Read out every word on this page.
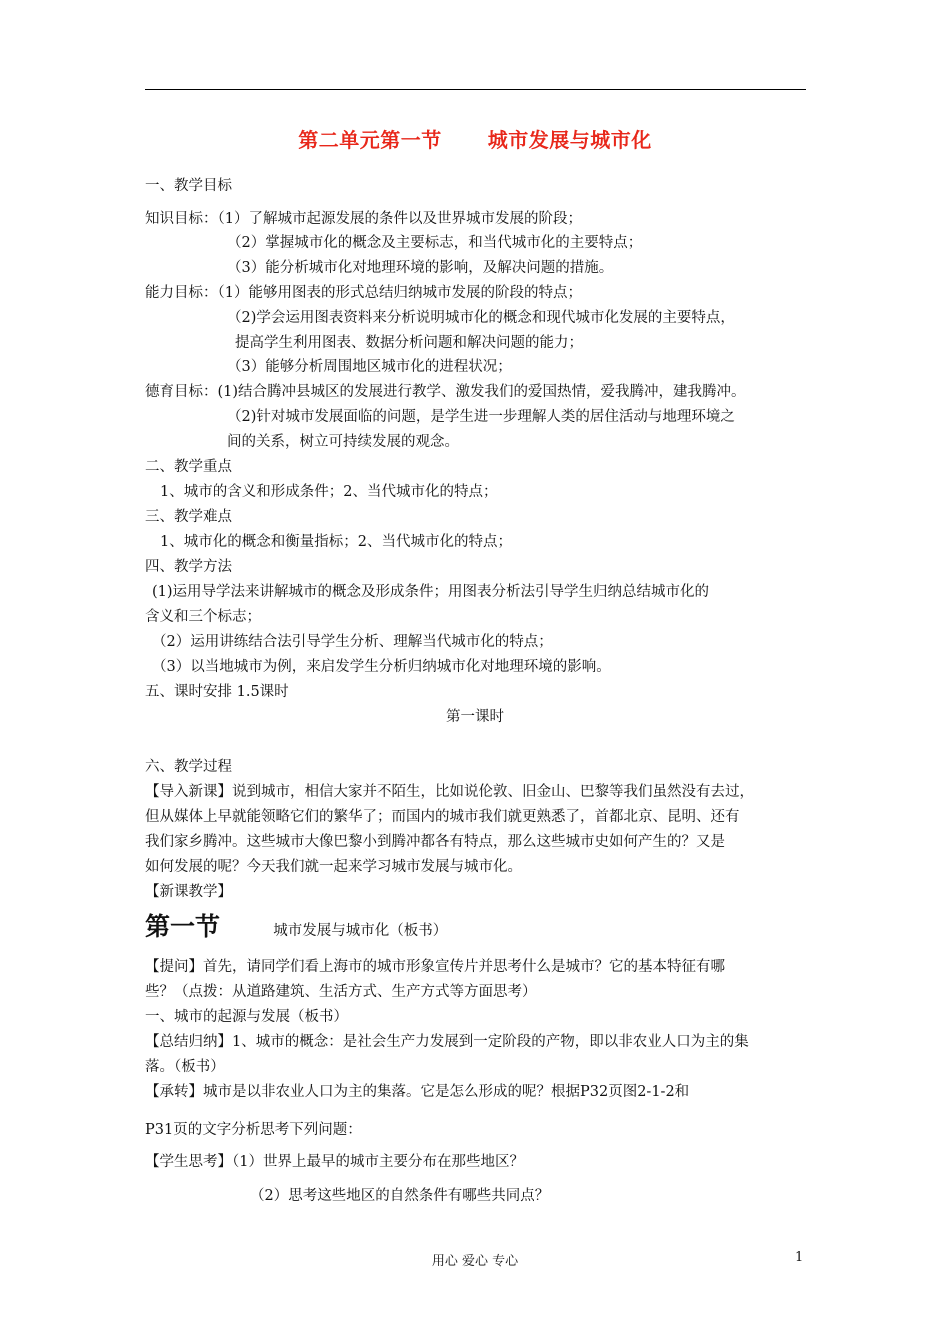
第二单元第一节 城市发展与城市化
一、教学目标
知识目标：（1）了解城市起源发展的条件以及世界城市发展的阶段；
（2）掌握城市化的概念及主要标志，和当代城市化的主要特点；
（3）能分析城市化对地理环境的影响，及解决问题的措施。
能力目标：（1）能够用图表的形式总结归纳城市发展的阶段的特点；
（2)学会运用图表资料来分析说明城市化的概念和现代城市化发展的主要特点，
提高学生利用图表、数据分析问题和解决问题的能力；
（3）能够分析周围地区城市化的进程状况；
德育目标：(1)结合腾冲县城区的发展进行教学、激发我们的爱国热情，爱我腾冲，建我腾冲。
（2)针对城市发展面临的问题，是学生进一步理解人类的居住活动与地理环境之
间的关系，树立可持续发展的观念。
二、教学重点
1、城市的含义和形成条件；2、当代城市化的特点；
三、教学难点
1、城市化的概念和衡量指标；2、当代城市化的特点；
四、教学方法
(1)运用导学法来讲解城市的概念及形成条件；用图表分析法引导学生归纳总结城市化的
含义和三个标志；
（2）运用讲练结合法引导学生分析、理解当代城市化的特点；
（3）以当地城市为例，来启发学生分析归纳城市化对地理环境的影响。
五、课时安排 1.5课时
六、教学过程
【导入新课】说到城市，相信大家并不陌生，比如说伦敦、旧金山、巴黎等我们虽然没有去过，
但从媒体上早就能领略它们的繁华了；而国内的城市我们就更熟悉了，首都北京、昆明、还有
我们家乡腾冲。这些城市大像巴黎小到腾冲都各有特点，那么这些城市史如何产生的？又是
如何发展的呢？今天我们就一起来学习城市发展与城市化。
【新课教学】
【提问】首先，请同学们看上海市的城市形象宣传片并思考什么是城市？它的基本特征有哪
些？（点拨：从道路建筑、生活方式、生产方式等方面思考）
一、城市的起源与发展（板书）
【总结归纳】1、城市的概念：是社会生产力发展到一定阶段的产物，即以非农业人口为主的集
落。（板书）
【承转】城市是以非农业人口为主的集落。它是怎么形成的呢？根据P32页图2-1-2和
P31页的文字分析思考下列问题：
【学生思考】（1）世界上最早的城市主要分布在那些地区？
（2）思考这些地区的自然条件有哪些共同点？
第一课时
第一节	城市发展与城市化（板书）
用心 爱心 专心	1
